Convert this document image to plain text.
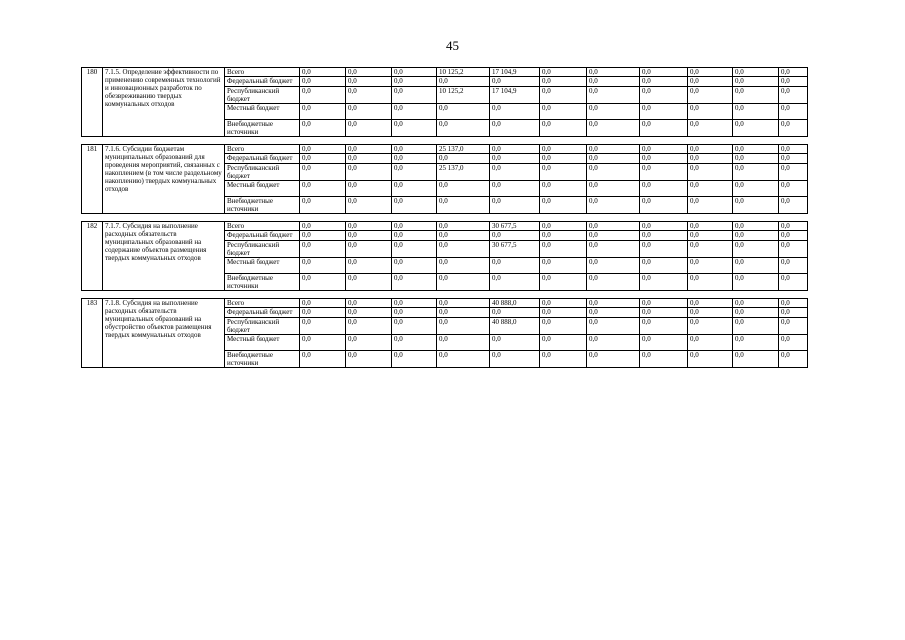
45
180	7.1.5. Определение эффективности по применению современных технологий и инновационных разработок по обезвреживанию твердых коммунальных отходов	Всего	0,0	0,0	0,0	10 125,2	17 104,9	0,0	0,0	0,0	0,0	0,0	0,0
		Федеральный бюджет	0,0	0,0	0,0	0,0	0,0	0,0	0,0	0,0	0,0	0,0	0,0
		Республиканский бюджет	0,0	0,0	0,0	10 125,2	17 104,9	0,0	0,0	0,0	0,0	0,0	0,0
		Местный бюджет	0,0	0,0	0,0	0,0	0,0	0,0	0,0	0,0	0,0	0,0	0,0
		Внебюджетные источники	0,0	0,0	0,0	0,0	0,0	0,0	0,0	0,0	0,0	0,0	0,0

181	7.1.6. Субсидии бюджетам муниципальных образований для проведения мероприятий, связанных с накоплением (в том числе раздельному накоплению) твердых коммунальных отходов	Всего	0,0	0,0	0,0	25 137,0	0,0	0,0	0,0	0,0	0,0	0,0	0,0
		Федеральный бюджет	0,0	0,0	0,0	0,0	0,0	0,0	0,0	0,0	0,0	0,0	0,0
		Республиканский бюджет	0,0	0,0	0,0	25 137,0	0,0	0,0	0,0	0,0	0,0	0,0	0,0
		Местный бюджет	0,0	0,0	0,0	0,0	0,0	0,0	0,0	0,0	0,0	0,0	0,0
		Внебюджетные источники	0,0	0,0	0,0	0,0	0,0	0,0	0,0	0,0	0,0	0,0	0,0

182	7.1.7. Субсидия на выполнение расходных обязательств муниципальных образований на содержание объектов размещения твердых коммунальных отходов	Всего	0,0	0,0	0,0	0,0	30 677,5	0,0	0,0	0,0	0,0	0,0	0,0
		Федеральный бюджет	0,0	0,0	0,0	0,0	0,0	0,0	0,0	0,0	0,0	0,0	0,0
		Республиканский бюджет	0,0	0,0	0,0	0,0	30 677,5	0,0	0,0	0,0	0,0	0,0	0,0
		Местный бюджет	0,0	0,0	0,0	0,0	0,0	0,0	0,0	0,0	0,0	0,0	0,0
		Внебюджетные источники	0,0	0,0	0,0	0,0	0,0	0,0	0,0	0,0	0,0	0,0	0,0

183	7.1.8. Субсидия на выполнение расходных обязательств муниципальных образований на обустройство объектов размещения твердых коммунальных отходов	Всего	0,0	0,0	0,0	0,0	40 888,0	0,0	0,0	0,0	0,0	0,0	0,0
		Федеральный бюджет	0,0	0,0	0,0	0,0	0,0	0,0	0,0	0,0	0,0	0,0	0,0
		Республиканский бюджет	0,0	0,0	0,0	0,0	40 888,0	0,0	0,0	0,0	0,0	0,0	0,0
		Местный бюджет	0,0	0,0	0,0	0,0	0,0	0,0	0,0	0,0	0,0	0,0	0,0
		Внебюджетные источники	0,0	0,0	0,0	0,0	0,0	0,0	0,0	0,0	0,0	0,0	0,0
